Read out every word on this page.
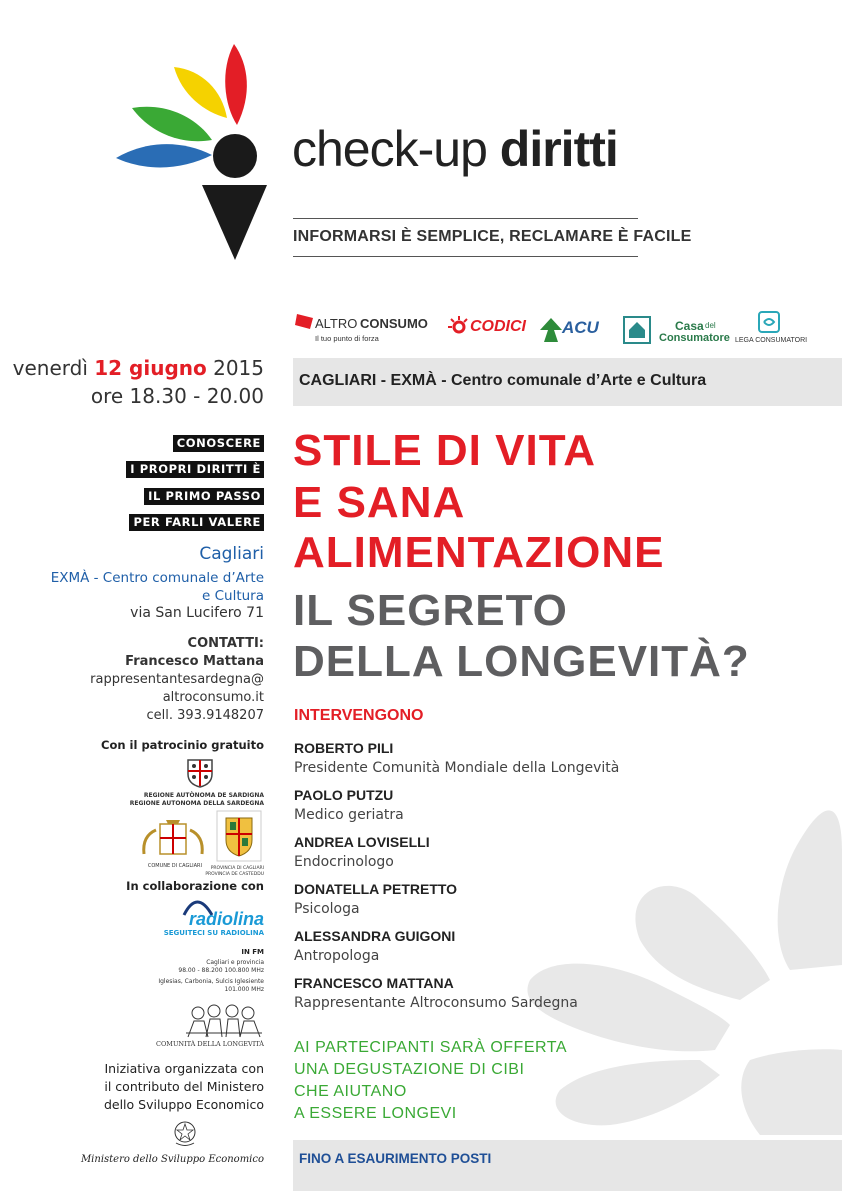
check-up diritti
INFORMARSI È SEMPLICE, RECLAMARE È FACILE
ALTRO CONSUMO
Il tuo punto di forza
CODICI ACU	Casa del
Consumatore LEGA CONSUMATORI
venerdì 12 giugno 2015
ore 18.30 - 20.00
CAGLIARI - EXMÀ - Centro comunale d’Arte e Cultura
CONOSCERE
I PROPRI DIRITTI È
IL PRIMO PASSO
PER FARLI VALERE
Cagliari
EXMÀ - Centro comunale d’Arte e Cultura
via San Lucifero 71
CONTATTI:
Francesco Mattana
rappresentantesardegna@
altroconsumo.it
cell. 393.9148207
Con il patrocinio gratuito
REGIONE AUTÒNOMA DE SARDIGNA
REGIONE AUTONOMA DELLA SARDEGNA
COMUNE DI CAGLIARI PROVINCIA DI CAGLIARI
PROVINCIA DE CASTEDDU
In collaborazione con
radiolina
SEGUITECI SU RADIOLINA
IN FM
Cagliari e provincia
98.00 - 88.200 100.800 MHz
Iglesias, Carbonia, Sulcis Iglesiente
101.000 MHz
COMUNITÀ DELLA LONGEVITÀ
Iniziativa organizzata con
il contributo del Ministero
dello Sviluppo Economico
Ministero dello Sviluppo Economico
STILE DI VITA
E SANA
ALIMENTAZIONE
IL SEGRETO
DELLA LONGEVITÀ?
INTERVENGONO
ROBERTO PILI
Presidente Comunità Mondiale della Longevità
PAOLO PUTZU
Medico geriatra
ANDREA LOVISELLI
Endocrinologo
DONATELLA PETRETTO
Psicologa
ALESSANDRA GUIGONI
Antropologa
FRANCESCO MATTANA
Rappresentante Altroconsumo Sardegna
AI PARTECIPANTI SARÀ OFFERTA
UNA DEGUSTAZIONE DI CIBI
CHE AIUTANO
A ESSERE LONGEVI
FINO A ESAURIMENTO POSTI
